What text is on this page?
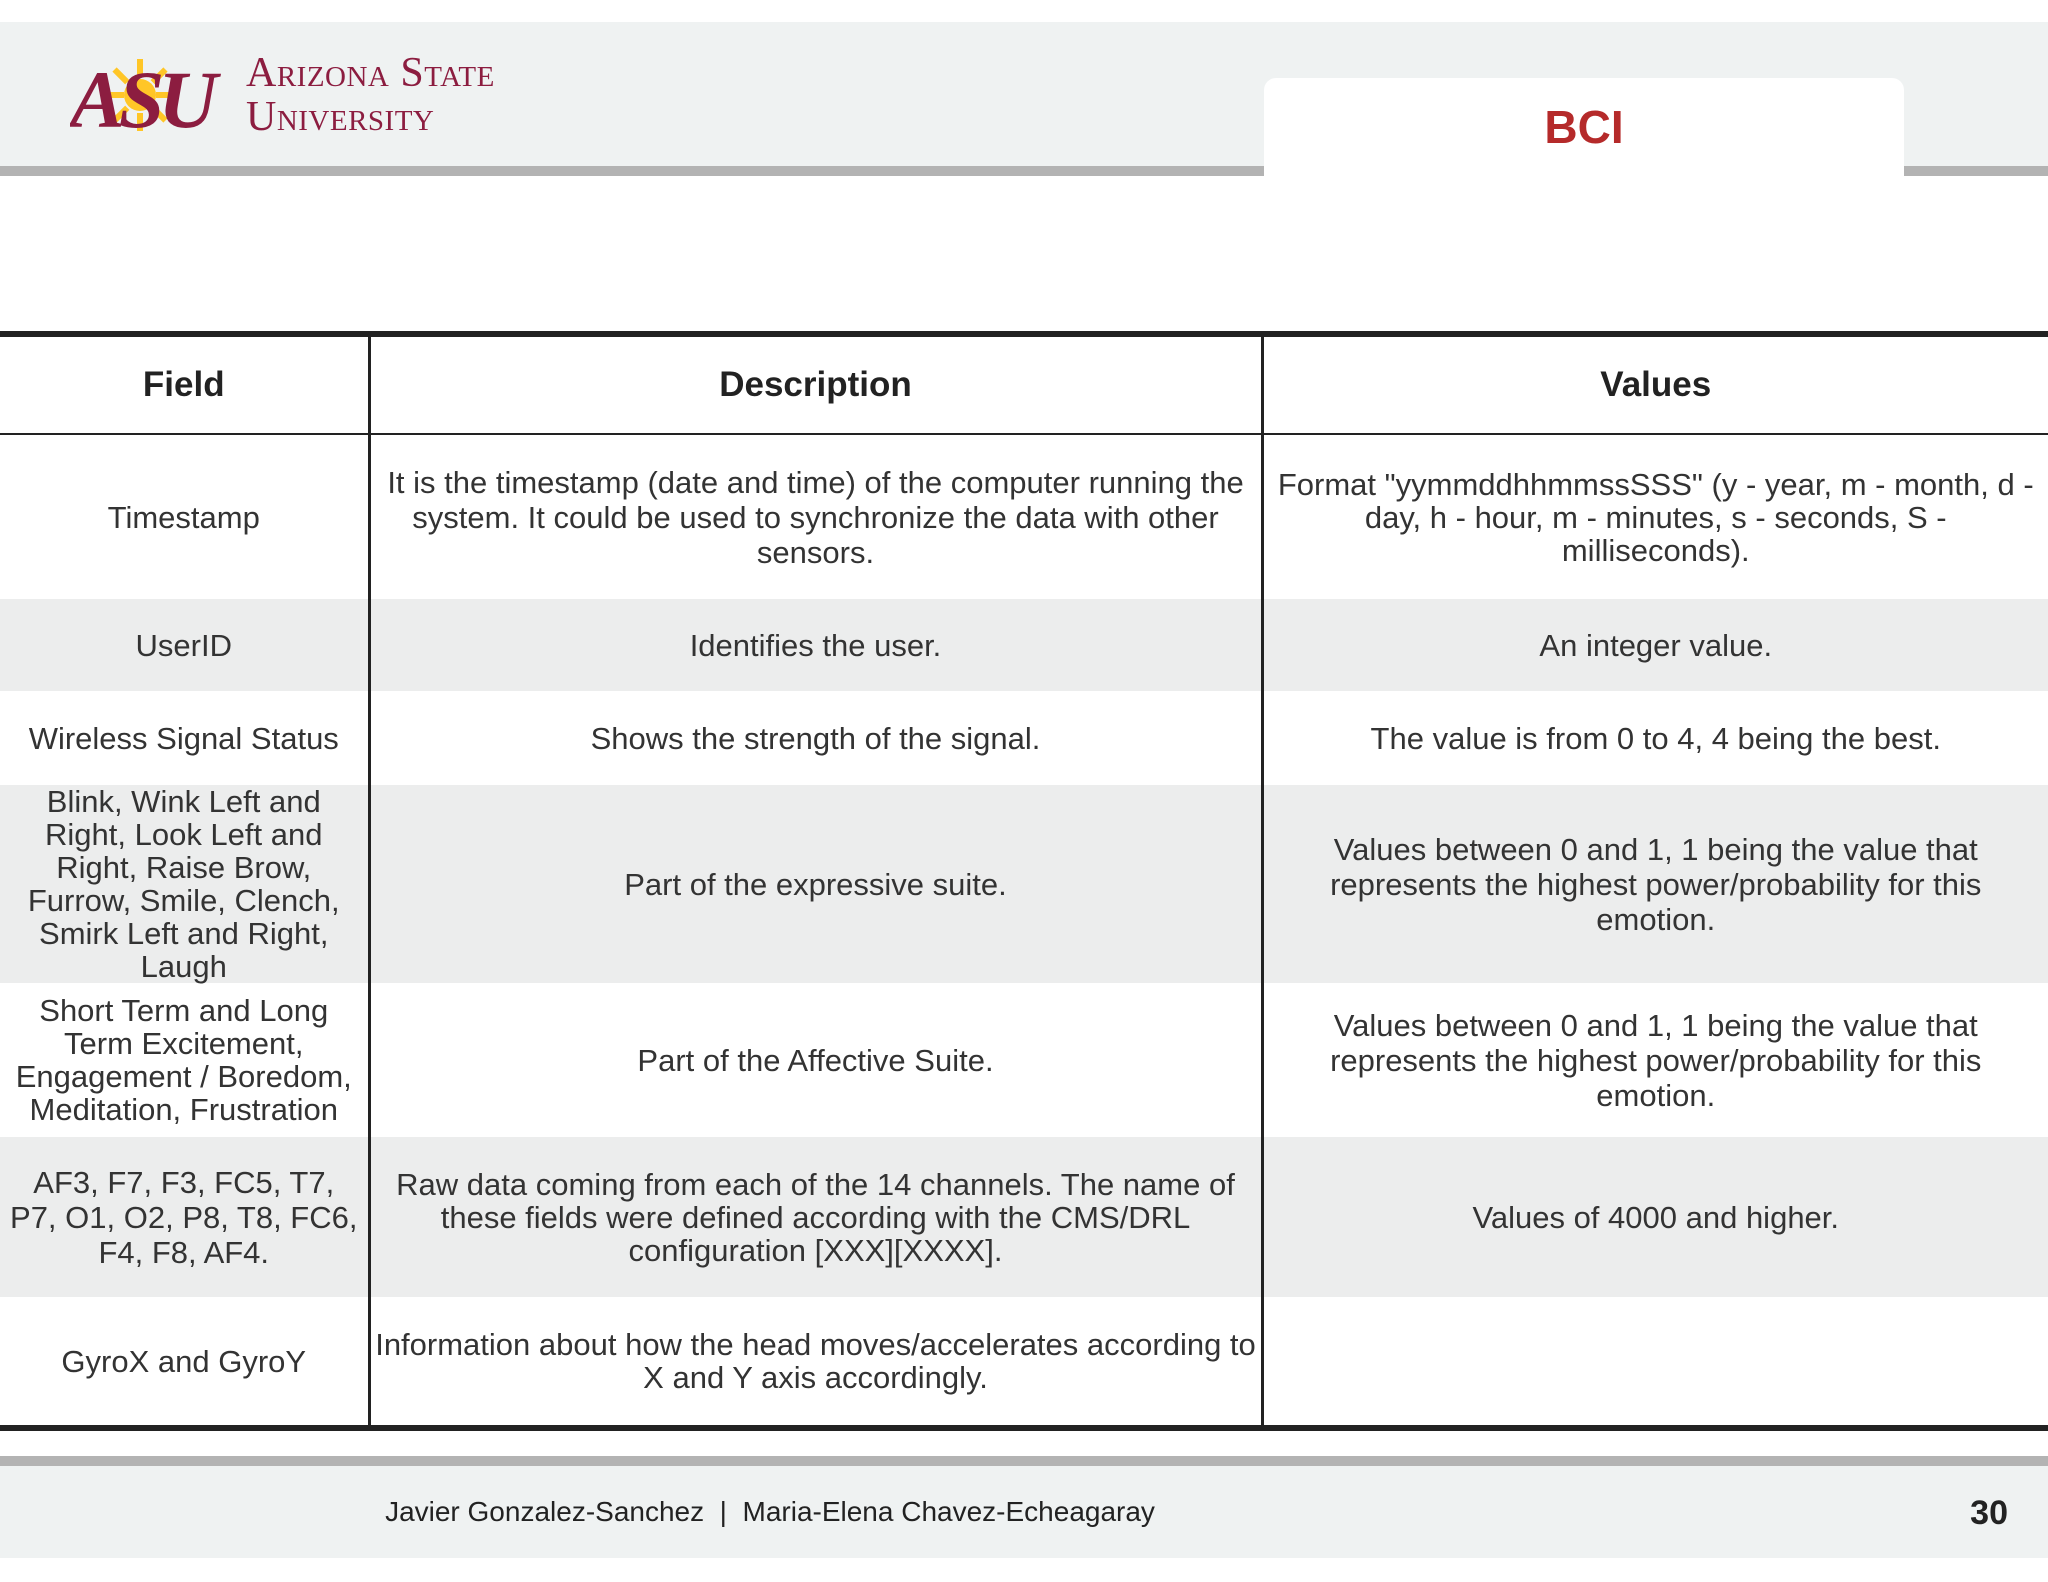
ASU Arizona State
University	BCI
Field	Description	Values
Timestamp	It is the timestamp (date and time) of the computer running the system. It could be used to synchronize the data with other sensors.	Format "yymmddhhmmssSSS" (y - year, m - month, d - day, h - hour, m - minutes, s - seconds, S - milliseconds).
UserID	Identifies the user.	An integer value.
Wireless Signal Status	Shows the strength of the signal.	The value is from 0 to 4, 4 being the best.
Blink, Wink Left and Right, Look Left and Right, Raise Brow, Furrow, Smile, Clench, Smirk Left and Right, Laugh	Part of the expressive suite.	Values between 0 and 1, 1 being the value that represents the highest power/probability for this emotion.
Short Term and Long Term Excitement, Engagement / Boredom, Meditation, Frustration	Part of the Affective Suite.	Values between 0 and 1, 1 being the value that represents the highest power/probability for this emotion.
AF3, F7, F3, FC5, T7, P7, O1, O2, P8, T8, FC6, F4, F8, AF4.	Raw data coming from each of the 14 channels. The name of these fields were defined according with the CMS/DRL configuration [XXX][XXXX].	Values of 4000 and higher.
GyroX and GyroY	Information about how the head moves/accelerates according to X and Y axis accordingly.	
Javier Gonzalez-Sanchez  |  Maria-Elena Chavez-Echeagaray	30
